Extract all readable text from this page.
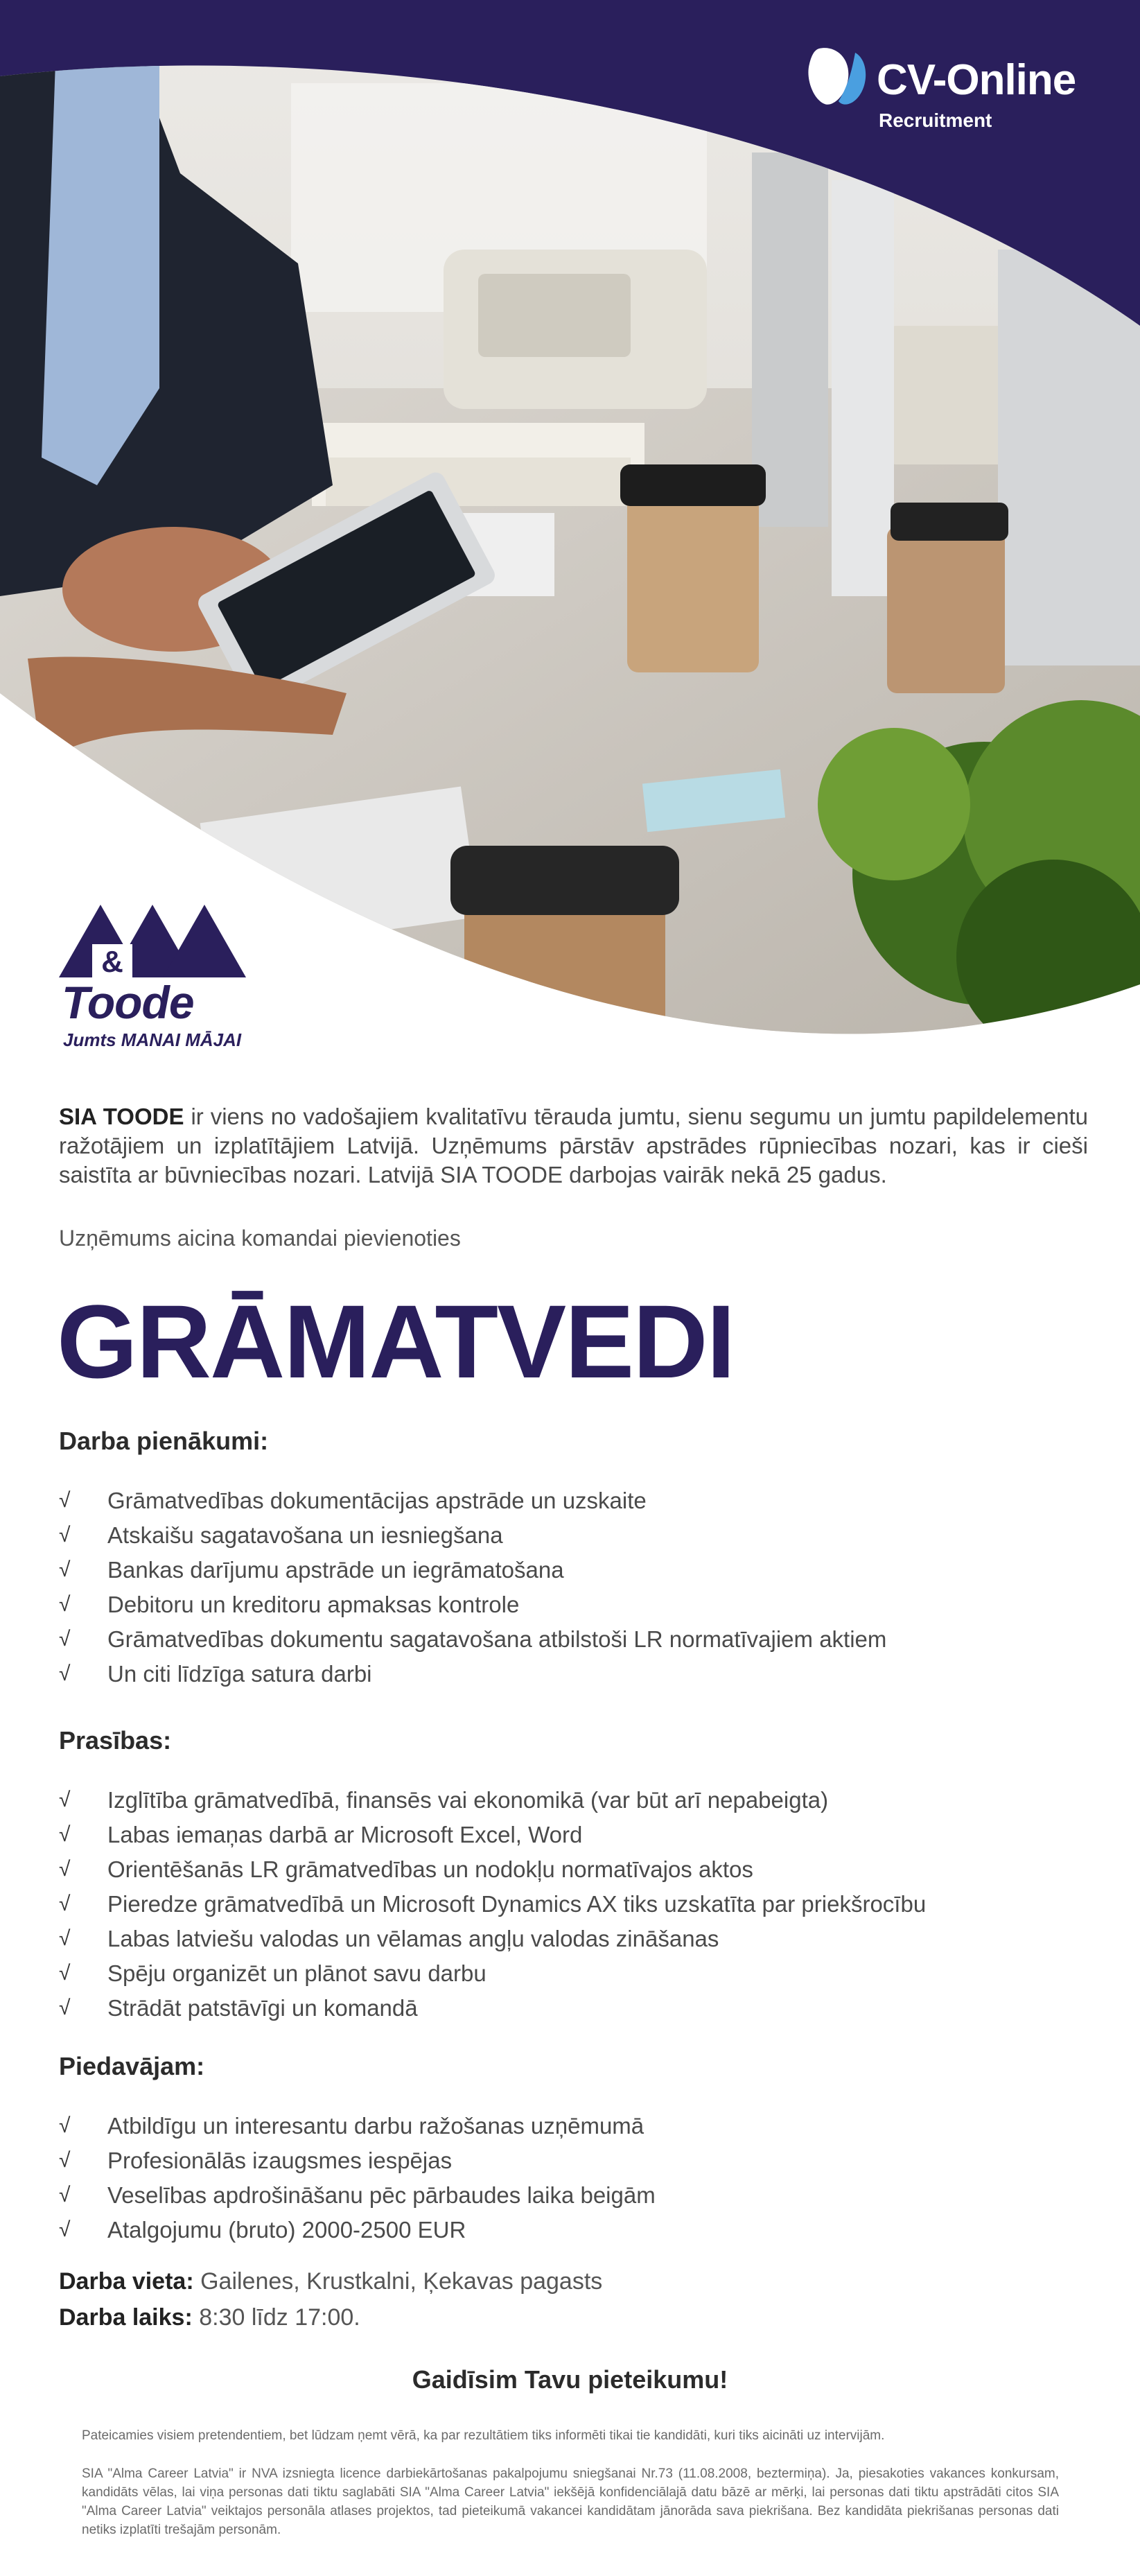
CV-Online
Recruitment
&
Toode
Jumts MANAI MĀJAI

SIA TOODE ir viens no vadošajiem kvalitatīvu tērauda jumtu, sienu segumu un jumtu papildelementu ražotājiem un izplatītājiem Latvijā. Uzņēmums pārstāv apstrādes rūpniecības nozari, kas ir cieši saistīta ar būvniecības nozari. Latvijā SIA TOODE darbojas vairāk nekā 25 gadus.

Uzņēmums aicina komandai pievienoties

GRĀMATVEDI
Darba pienākumi:
√ Grāmatvedības dokumentācijas apstrāde un uzskaite
√ Atskaišu sagatavošana un iesniegšana
√ Bankas darījumu apstrāde un iegrāmatošana
√ Debitoru un kreditoru apmaksas kontrole
√ Grāmatvedības dokumentu sagatavošana atbilstoši LR normatīvajiem aktiem
√ Un citi līdzīga satura darbi
Prasības:
√ Izglītība grāmatvedībā, finansēs vai ekonomikā (var būt arī nepabeigta)
√ Labas iemaņas darbā ar Microsoft Excel, Word
√ Orientēšanās LR grāmatvedības un nodokļu normatīvajos aktos
√ Pieredze grāmatvedībā un Microsoft Dynamics AX tiks uzskatīta par priekšrocību
√ Labas latviešu valodas un vēlamas angļu valodas zināšanas
√ Spēju organizēt un plānot savu darbu
√ Strādāt patstāvīgi un komandā
Piedavājam:
√ Atbildīgu un interesantu darbu ražošanas uzņēmumā
√ Profesionālās izaugsmes iespējas
√ Veselības apdrošināšanu pēc pārbaudes laika beigām
√ Atalgojumu (bruto) 2000-2500 EUR

Darba vieta: Gailenes, Krustkalni, Ķekavas pagasts

Darba laiks: 8:30 līdz 17:00.

Gaidīsim Tavu pieteikumu!

Pateicamies visiem pretendentiem, bet lūdzam ņemt vērā, ka par rezultātiem tiks informēti tikai tie kandidāti, kuri tiks aicināti uz intervijām.

SIA "Alma Career Latvia" ir NVA izsniegta licence darbiekārtošanas pakalpojumu sniegšanai Nr.73 (11.08.2008, beztermiņa). Ja, piesakoties vakances konkursam, kandidāts vēlas, lai viņa personas dati tiktu saglabāti SIA "Alma Career Latvia" iekšējā konfidenciālajā datu bāzē ar mērķi, lai personas dati tiktu apstrādāti citos SIA "Alma Career Latvia" veiktajos personāla atlases projektos, tad pieteikumā vakancei kandidātam jānorāda sava piekrišana. Bez kandidāta piekrišanas personas dati netiks izplatīti trešajām personām.
